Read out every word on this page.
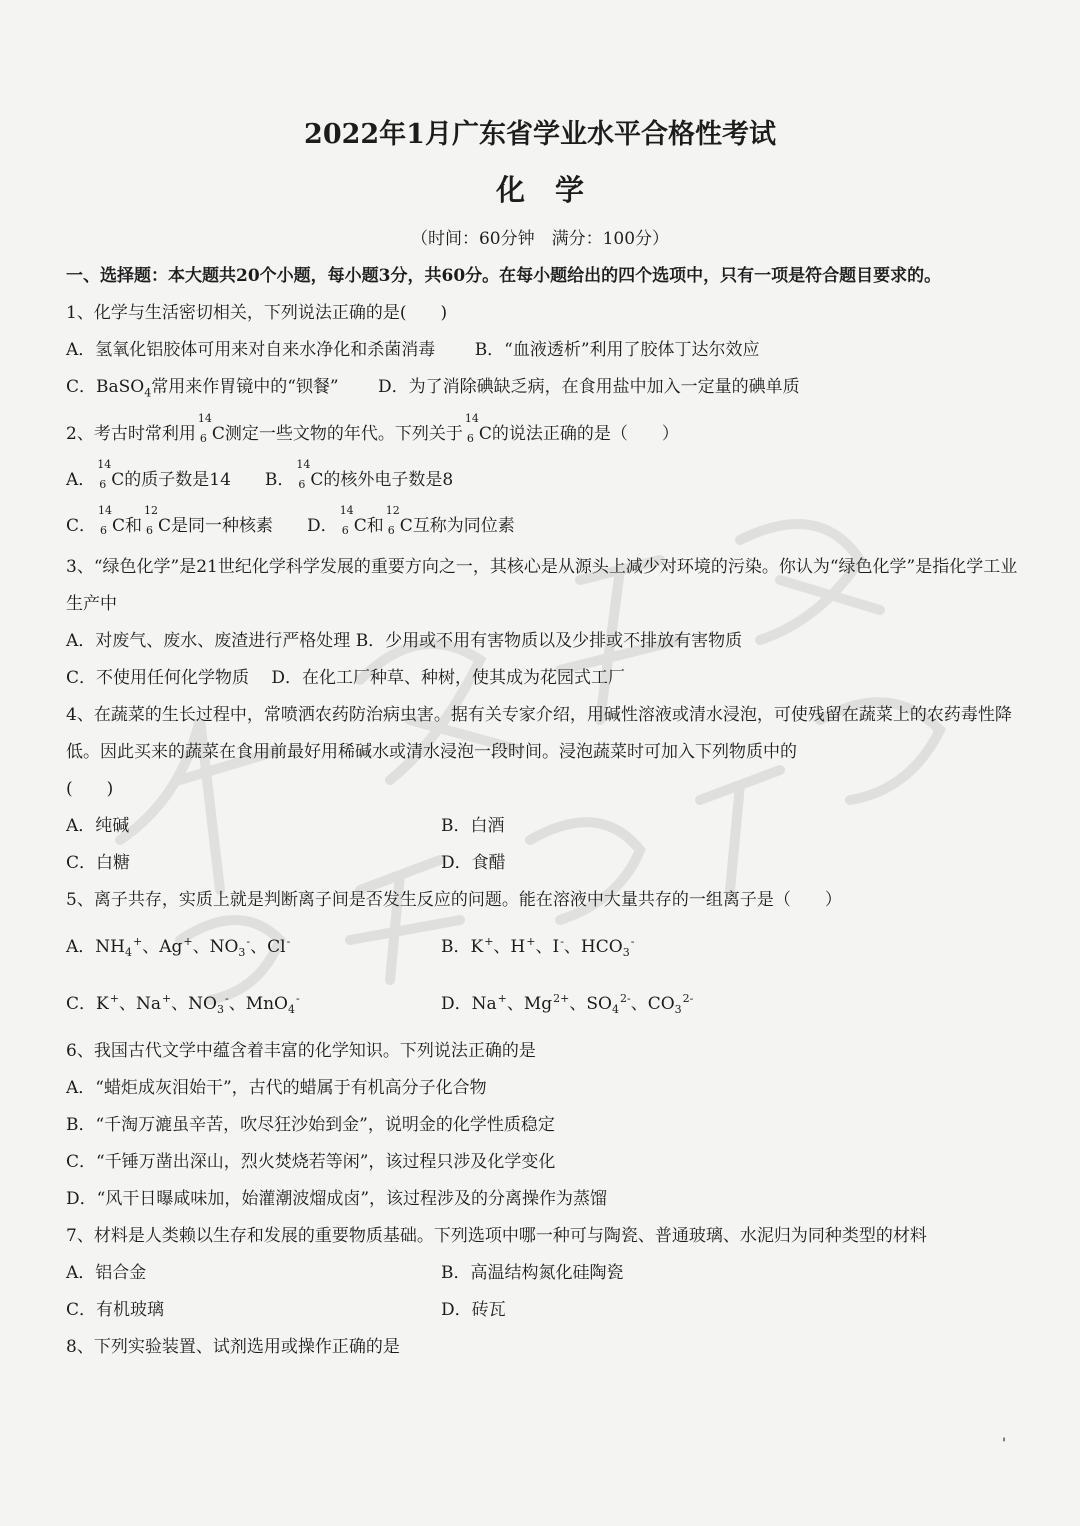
2022年1月广东省学业水平合格性考试
化学

（时间：60分钟　满分：100分）

一、选择题：本大题共20个小题，每小题3分，共60分。在每小题给出的四个选项中，只有一项是符合题目要求的。
1、化学与生活密切相关，下列说法正确的是(　　)
A．氢氧化铝胶体可用来对自来水净化和杀菌消毒　　 B．“血液透析”利用了胶体丁达尔效应
C．BaSO$_4$常用来作胃镜中的“钡餐”　　 D．为了消除碘缺乏病，在食用盐中加入一定量的碘单质
2、考古时常利用
14
6 C测定一些文物的年代。下列关于
14
6 C的说法正确的是（　　）
A．
14
6 C的质子数是14　　 B．
14
6 C的核外电子数是8
C．
14
6 C和
12
6 C是同一种核素　　 D．
14
6 C和
12
6 C互称为同位素
3、“绿色化学”是21世纪化学科学发展的重要方向之一，其核心是从源头上减少对环境的污染。你认为“绿色化学”是指化学工业生产中
A．对废气、废水、废渣进行严格处理 B．少用或不用有害物质以及少排或不排放有害物质
C．不使用任何化学物质　 D．在化工厂种草、种树，使其成为花园式工厂
4、在蔬菜的生长过程中，常喷洒农药防治病虫害。据有关专家介绍，用碱性溶液或清水浸泡，可使残留在蔬菜上的农药毒性降低。因此买来的蔬菜在食用前最好用稀碱水或清水浸泡一段时间。浸泡蔬菜时可加入下列物质中的
(　　)
A．纯碱	B．白酒
C．白糖	D．食醋
5、离子共存，实质上就是判断离子间是否发生反应的问题。能在溶液中大量共存的一组离子是（　　）
A．$NH_4^+$、Ag+、$NO_3^-$、Cl-	B．K+、H+、I-、$HCO_3^-$
C．K+、Na+、$NO_3^-$、MnO$_4$-	D．Na+、$Mg^{2+}$、$SO_4^{2-}$、$CO_3^{2-}$
6、我国古代文学中蕴含着丰富的化学知识。下列说法正确的是
A．“蜡炬成灰泪始干”，古代的蜡属于有机高分子化合物
B．“千淘万漉虽辛苦，吹尽狂沙始到金”，说明金的化学性质稳定
C．“千锤万凿出深山，烈火焚烧若等闲”，该过程只涉及化学变化
D．“风干日曝咸味加，始灌潮波熘成卤”，该过程涉及的分离操作为蒸馏
7、材料是人类赖以生存和发展的重要物质基础。下列选项中哪一种可与陶瓷、普通玻璃、水泥归为同种类型的材料
A．铝合金	B．高温结构氮化硅陶瓷
C．有机玻璃	D．砖瓦
8、下列实验装置、试剂选用或操作正确的是
'
